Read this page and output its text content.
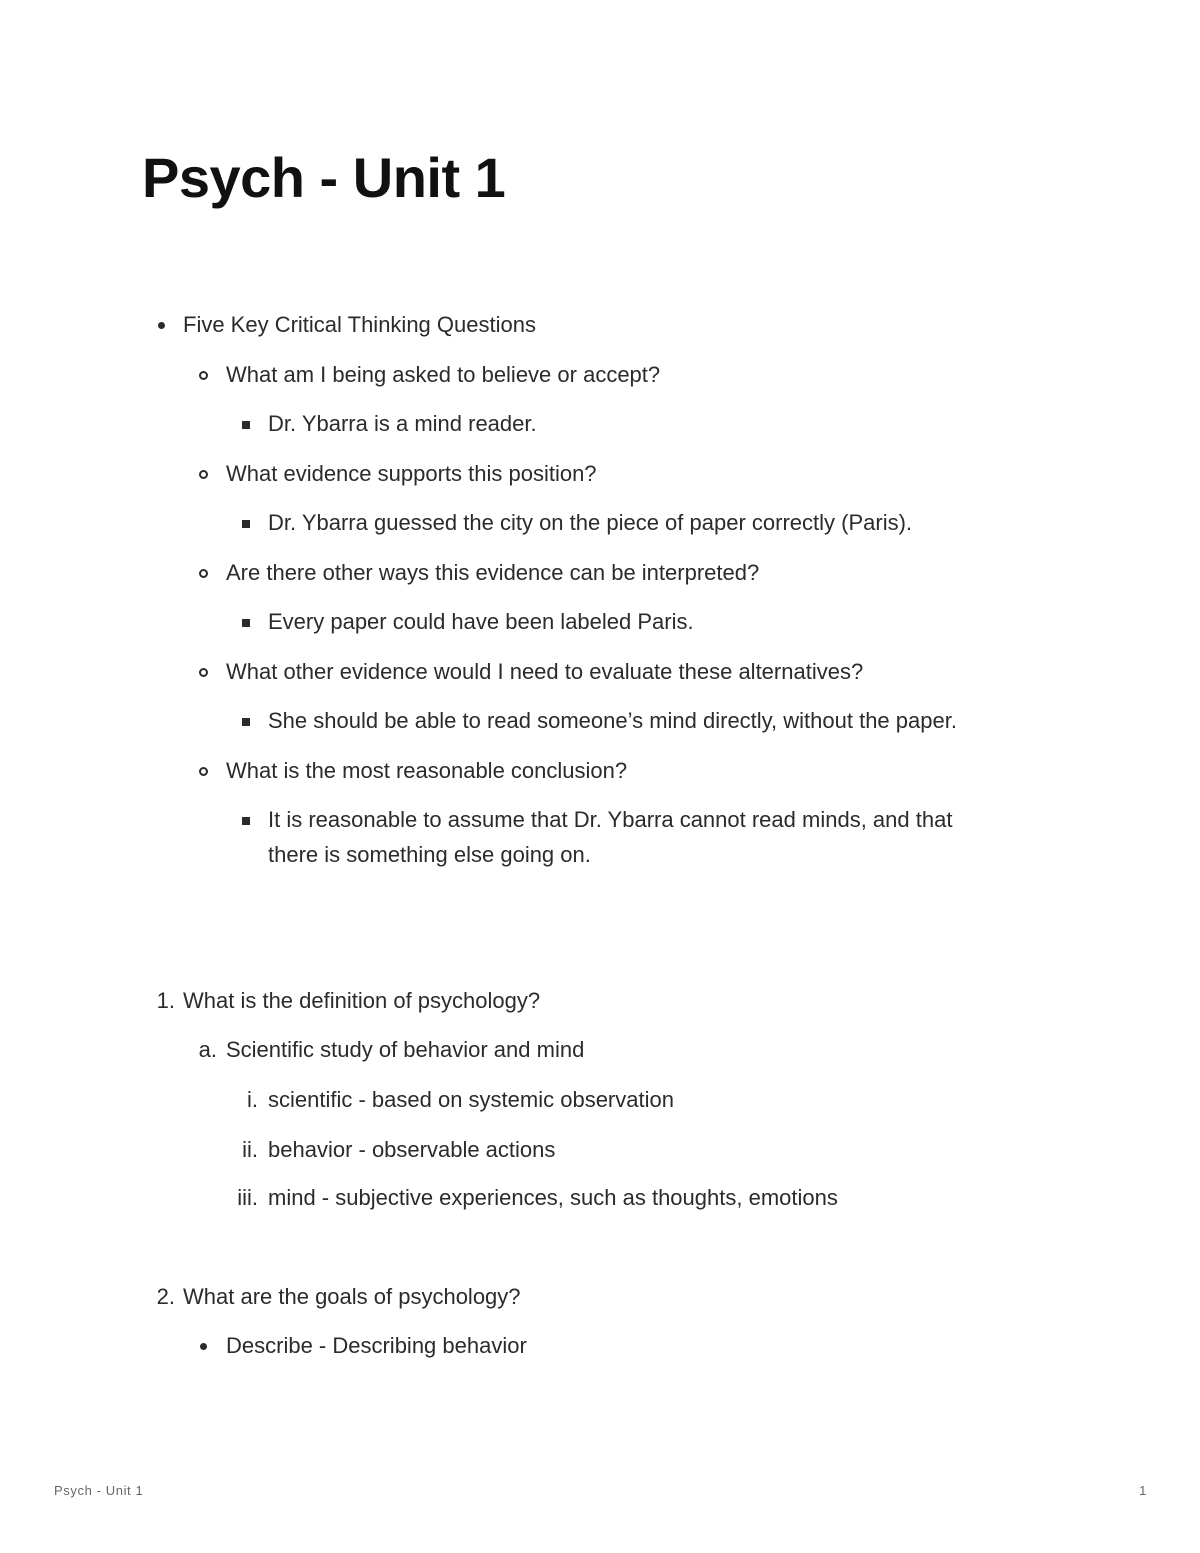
Psych - Unit 1
Five Key Critical Thinking Questions
What am I being asked to believe or accept?
Dr. Ybarra is a mind reader.
What evidence supports this position?
Dr. Ybarra guessed the city on the piece of paper correctly (Paris).
Are there other ways this evidence can be interpreted?
Every paper could have been labeled Paris.
What other evidence would I need to evaluate these alternatives?
She should be able to read someone’s mind directly, without the paper.
What is the most reasonable conclusion?
It is reasonable to assume that Dr. Ybarra cannot read minds, and that
there is something else going on.
1. What is the definition of psychology?
a. Scientific study of behavior and mind
i. scientific - based on systemic observation
ii. behavior - observable actions
iii. mind - subjective experiences, such as thoughts, emotions
2. What are the goals of psychology?
Describe - Describing behavior
Psych - Unit 1	1
